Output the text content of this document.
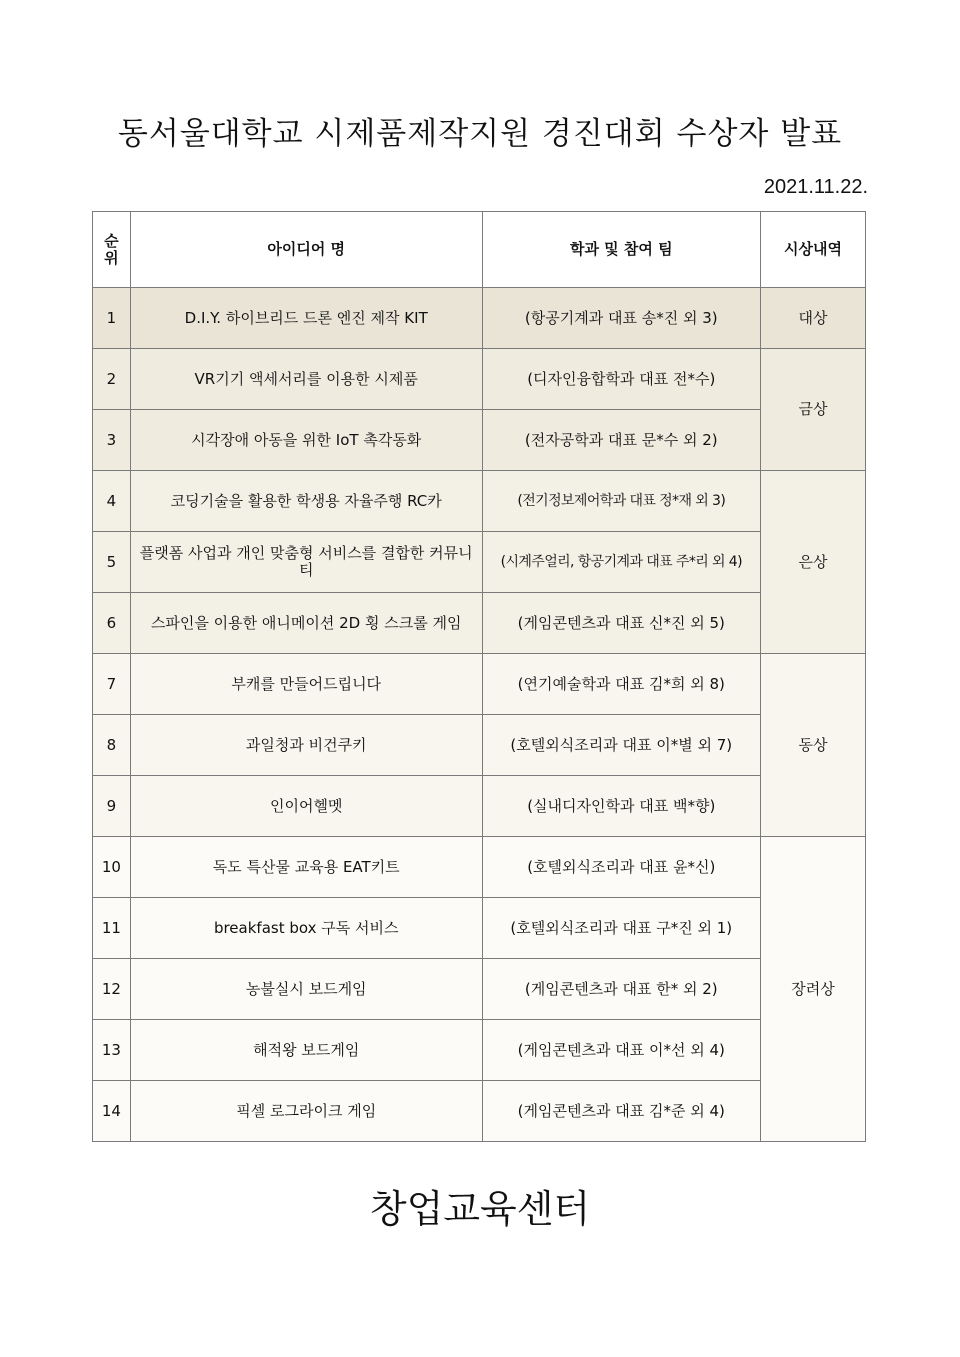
동서울대학교 시제품제작지원 경진대회 수상자 발표
2021.11.22.
순위	아이디어 명	학과 및 참여 팀	시상내역
1	D.I.Y. 하이브리드 드론 엔진 제작 KIT	(항공기계과 대표 송*진 외 3)	대상
2	VR기기 액세서리를 이용한 시제품	(디자인융합학과 대표 전*수)	금상
3	시각장애 아동을 위한 IoT 촉각동화	(전자공학과 대표 문*수 외 2)	
4	코딩기술을 활용한 학생용 자율주행 RC카	(전기정보제어학과 대표 정*재 외 3)	은상
5	플랫폼 사업과 개인 맞춤형 서비스를 결합한 커뮤니티	(시계주얼리, 항공기계과 대표 주*리 외 4)	
6	스파인을 이용한 애니메이션 2D 횡 스크롤 게임	(게임콘텐츠과 대표 신*진 외 5)	
7	부캐를 만들어드립니다	(연기예술학과 대표 김*희 외 8)	동상
8	과일청과 비건쿠키	(호텔외식조리과 대표 이*별 외 7)	
9	인이어헬멧	(실내디자인학과 대표 백*향)	
10	독도 특산물 교육용 EAT키트	(호텔외식조리과 대표 윤*신)	장려상
11	breakfast box 구독 서비스	(호텔외식조리과 대표 구*진 외 1)	
12	농불실시 보드게임	(게임콘텐츠과 대표 한* 외 2)	
13	해적왕 보드게임	(게임콘텐츠과 대표 이*선 외 4)	
14	픽셀 로그라이크 게임	(게임콘텐츠과 대표 김*준 외 4)	
창업교육센터
